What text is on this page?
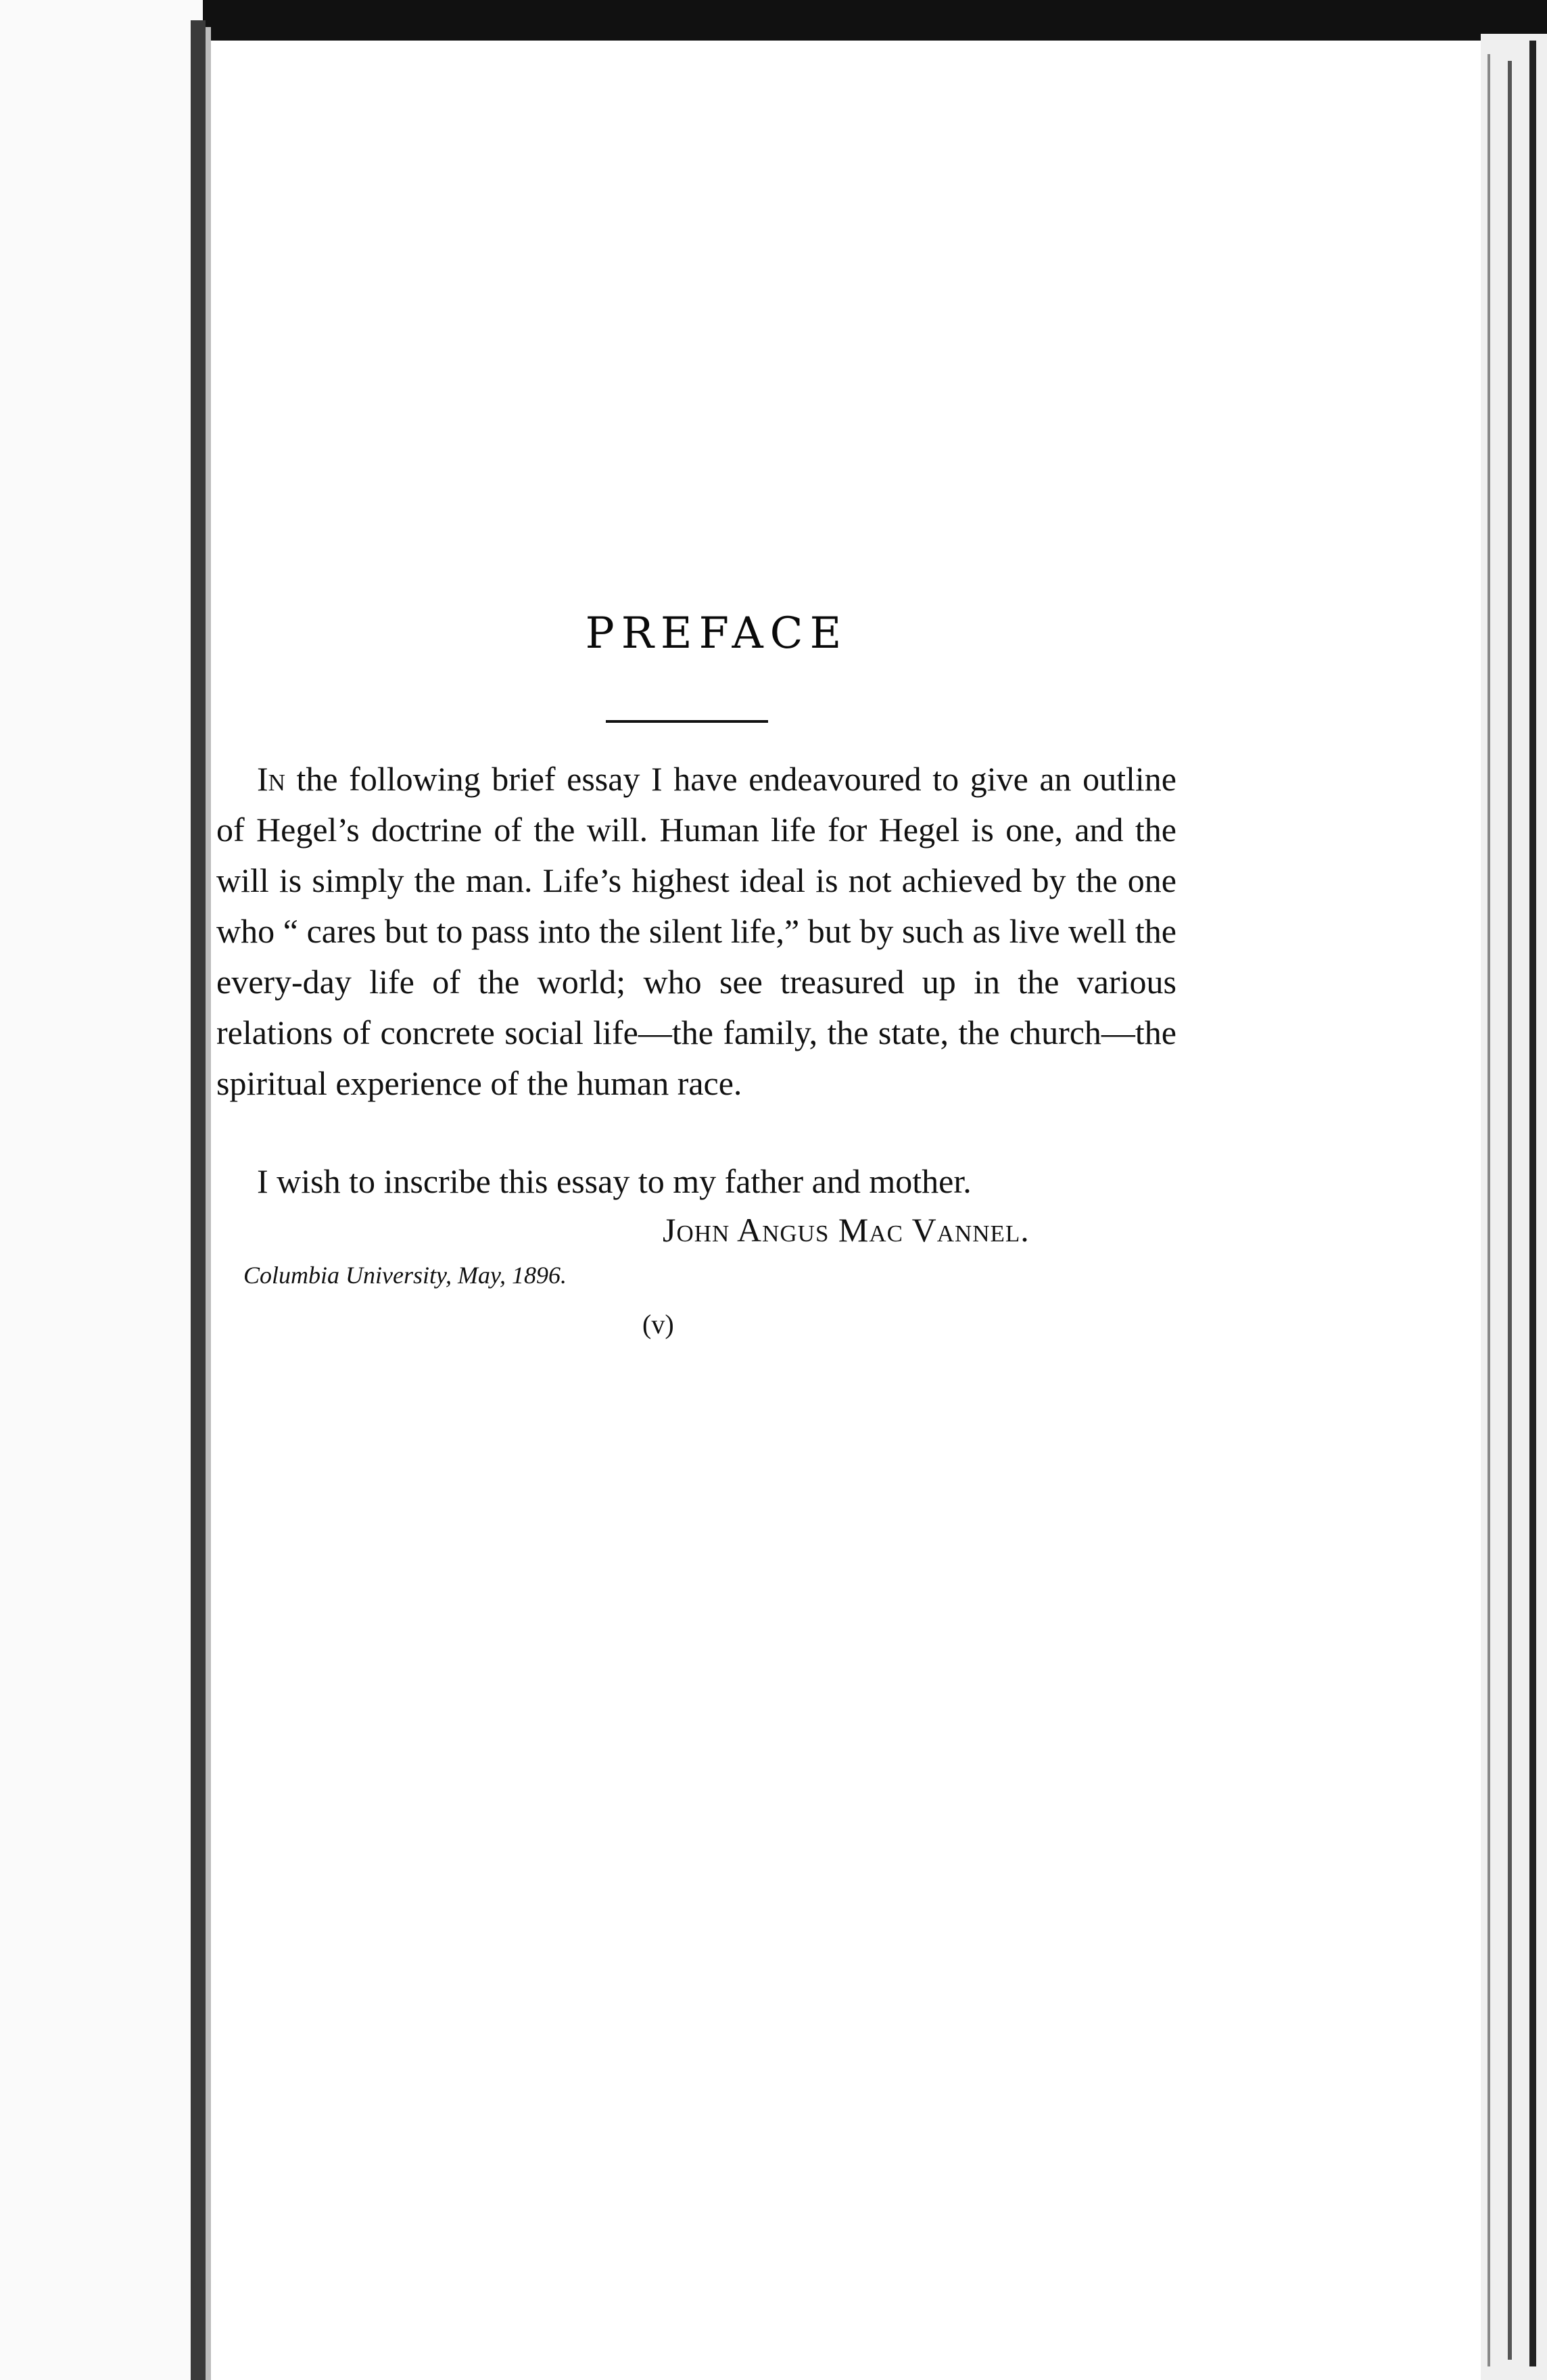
PREFACE

In the following brief essay I have endeavoured to give an outline of Hegel’s doctrine of the will. Human life for Hegel is one, and the will is simply the man. Life’s highest ideal is not achieved by the one who “ cares but to pass into the silent life,” but by such as live well the every-day life of the world; who see treasured up in the various relations of concrete social life—the family, the state, the church—the spiritual experience of the human race.

I wish to inscribe this essay to my father and mother.

John Angus Mac Vannel.

Columbia University, May, 1896.

(v)
